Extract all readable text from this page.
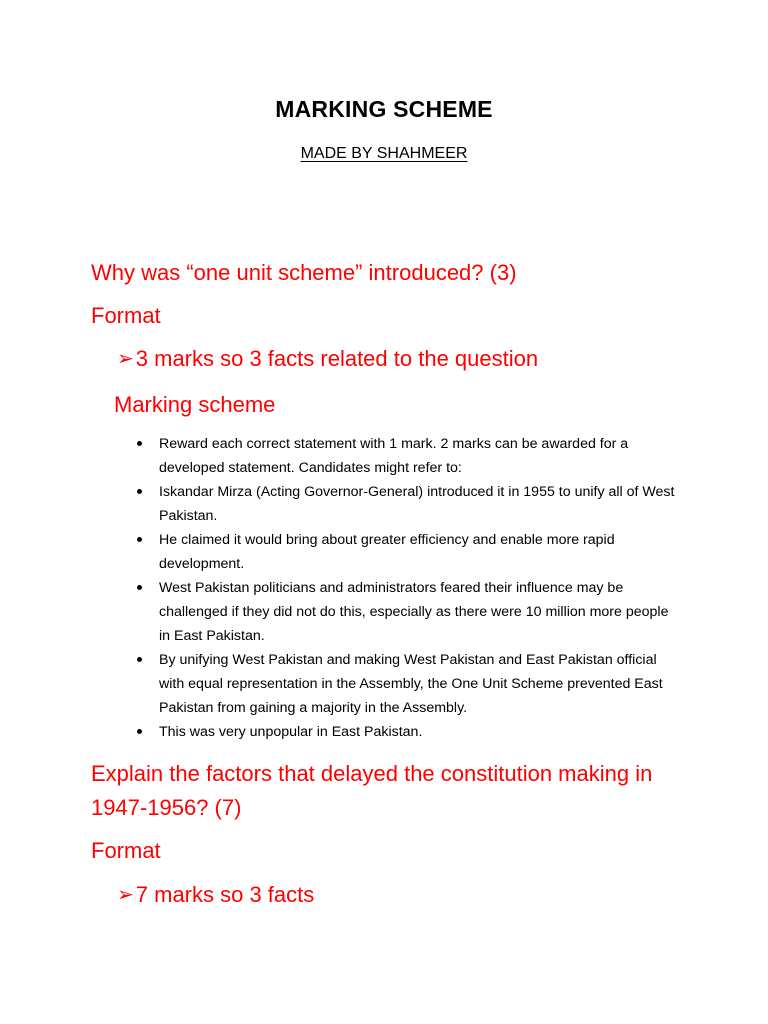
MARKING SCHEME
MADE BY SHAHMEER

Why was “one unit scheme” introduced? (3)

Format

➢3 marks so 3 facts related to the question

Marking scheme

Reward each correct statement with 1 mark. 2 marks can be awarded for a developed statement. Candidates might refer to:
Iskandar Mirza (Acting Governor-General) introduced it in 1955 to unify all of West Pakistan.
He claimed it would bring about greater efficiency and enable more rapid development.
West Pakistan politicians and administrators feared their influence may be challenged if they did not do this, especially as there were 10 million more people in East Pakistan.
By unifying West Pakistan and making West Pakistan and East Pakistan official with equal representation in the Assembly, the One Unit Scheme prevented East Pakistan from gaining a majority in the Assembly.
This was very unpopular in East Pakistan.

Explain the factors that delayed the constitution making in 1947-1956? (7)

Format

➢7 marks so 3 facts
